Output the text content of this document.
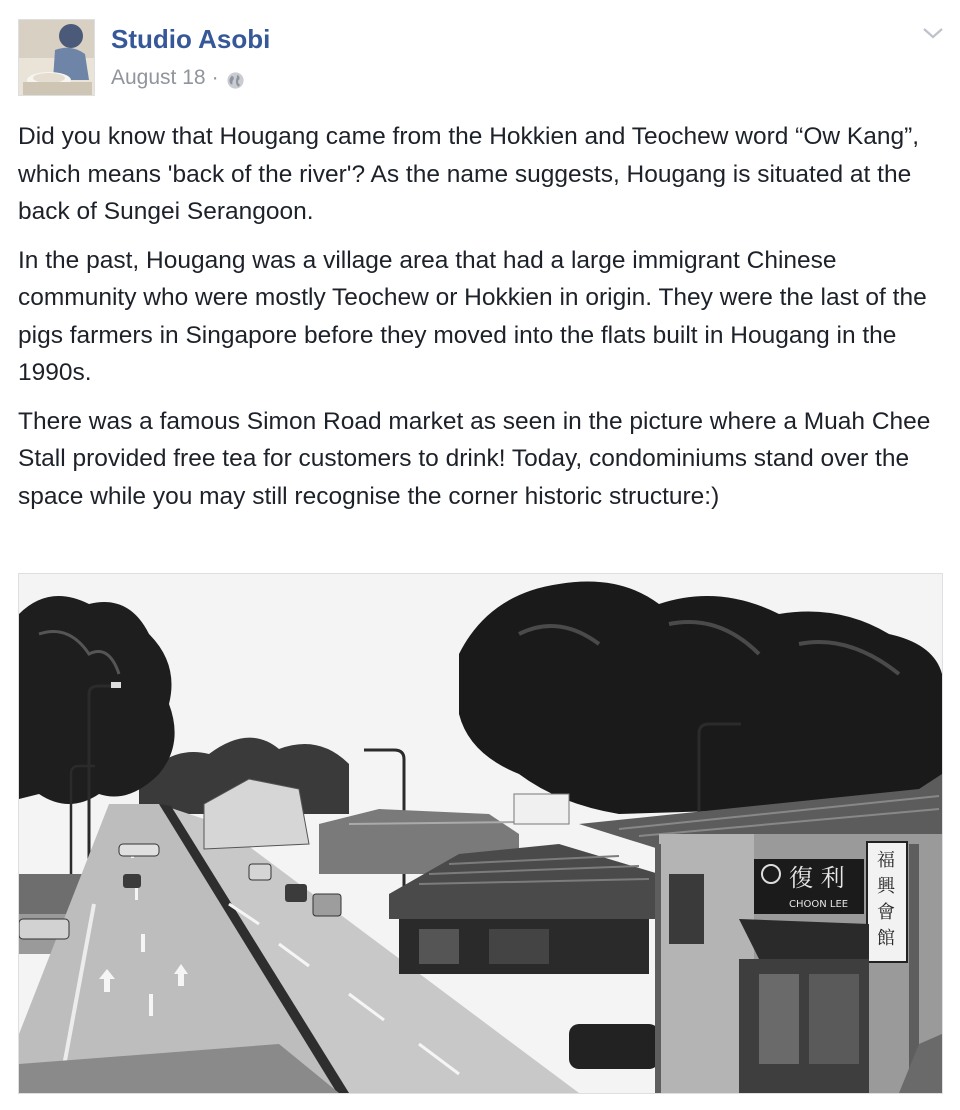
Studio Asobi
August 18 ·

Did you know that Hougang came from the Hokkien and Teochew word “Ow Kang”, which means 'back of the river'? As the name suggests, Hougang is situated at the back of Sungei Serangoon.

In the past, Hougang was a village area that had a large immigrant Chinese community who were mostly Teochew or Hokkien in origin. They were the last of the pigs farmers in Singapore before they moved into the flats built in Hougang in the 1990s.

There was a famous Simon Road market as seen in the picture where a Muah Chee Stall provided free tea for customers to drink! Today, condominiums stand over the space while you may still recognise the corner historic structure:)

復 利
CHOON LEE
福
興
會
館
